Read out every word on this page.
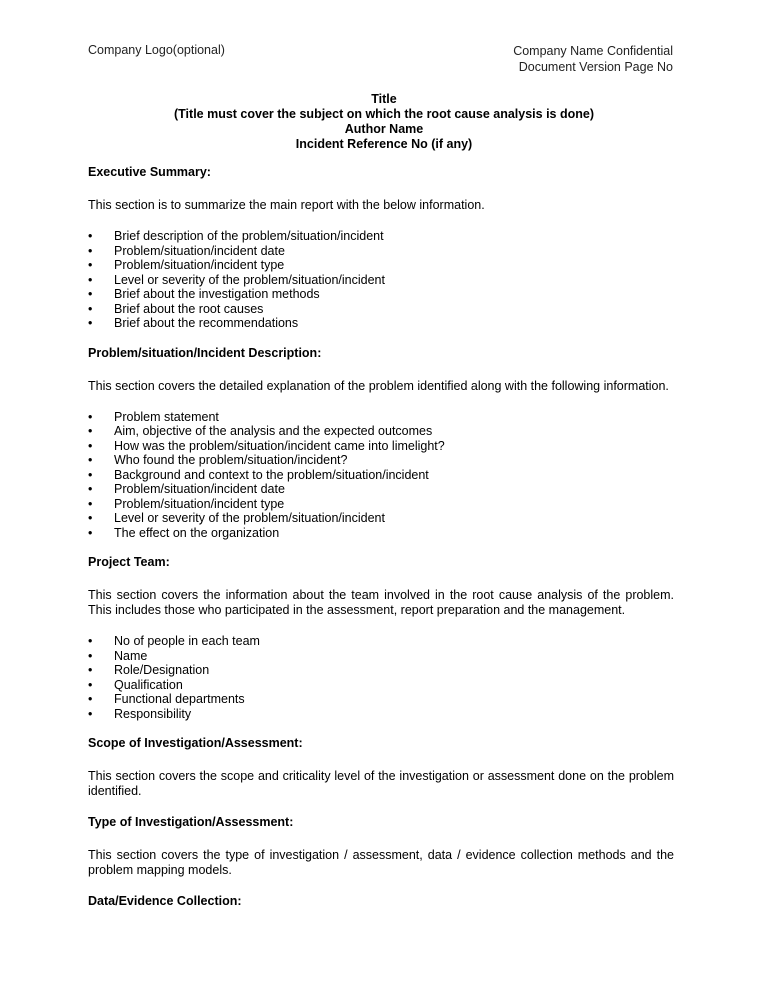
Company Logo(optional)	Company Name Confidential
Document Version Page No
Title
(Title must cover the subject on which the root cause analysis is done)
Author Name
Incident Reference No (if any)
Executive Summary:
This section is to summarize the main report with the below information.
• Brief description of the problem/situation/incident
• Problem/situation/incident date
• Problem/situation/incident type
• Level or severity of the problem/situation/incident
• Brief about the investigation methods
• Brief about the root causes
• Brief about the recommendations
Problem/situation/Incident Description:
This section covers the detailed explanation of the problem identified along with the following information.
• Problem statement
• Aim, objective of the analysis and the expected outcomes
• How was the problem/situation/incident came into limelight?
• Who found the problem/situation/incident?
• Background and context to the problem/situation/incident
• Problem/situation/incident date
• Problem/situation/incident type
• Level or severity of the problem/situation/incident
• The effect on the organization
Project Team:
This section covers the information about the team involved in the root cause analysis of the problem. This includes those who participated in the assessment, report preparation and the management.
• No of people in each team
• Name
• Role/Designation
• Qualification
• Functional departments
• Responsibility
Scope of Investigation/Assessment:
This section covers the scope and criticality level of the investigation or assessment done on the problem identified.
Type of Investigation/Assessment:
This section covers the type of investigation / assessment, data / evidence collection methods and the problem mapping models.
Data/Evidence Collection:
